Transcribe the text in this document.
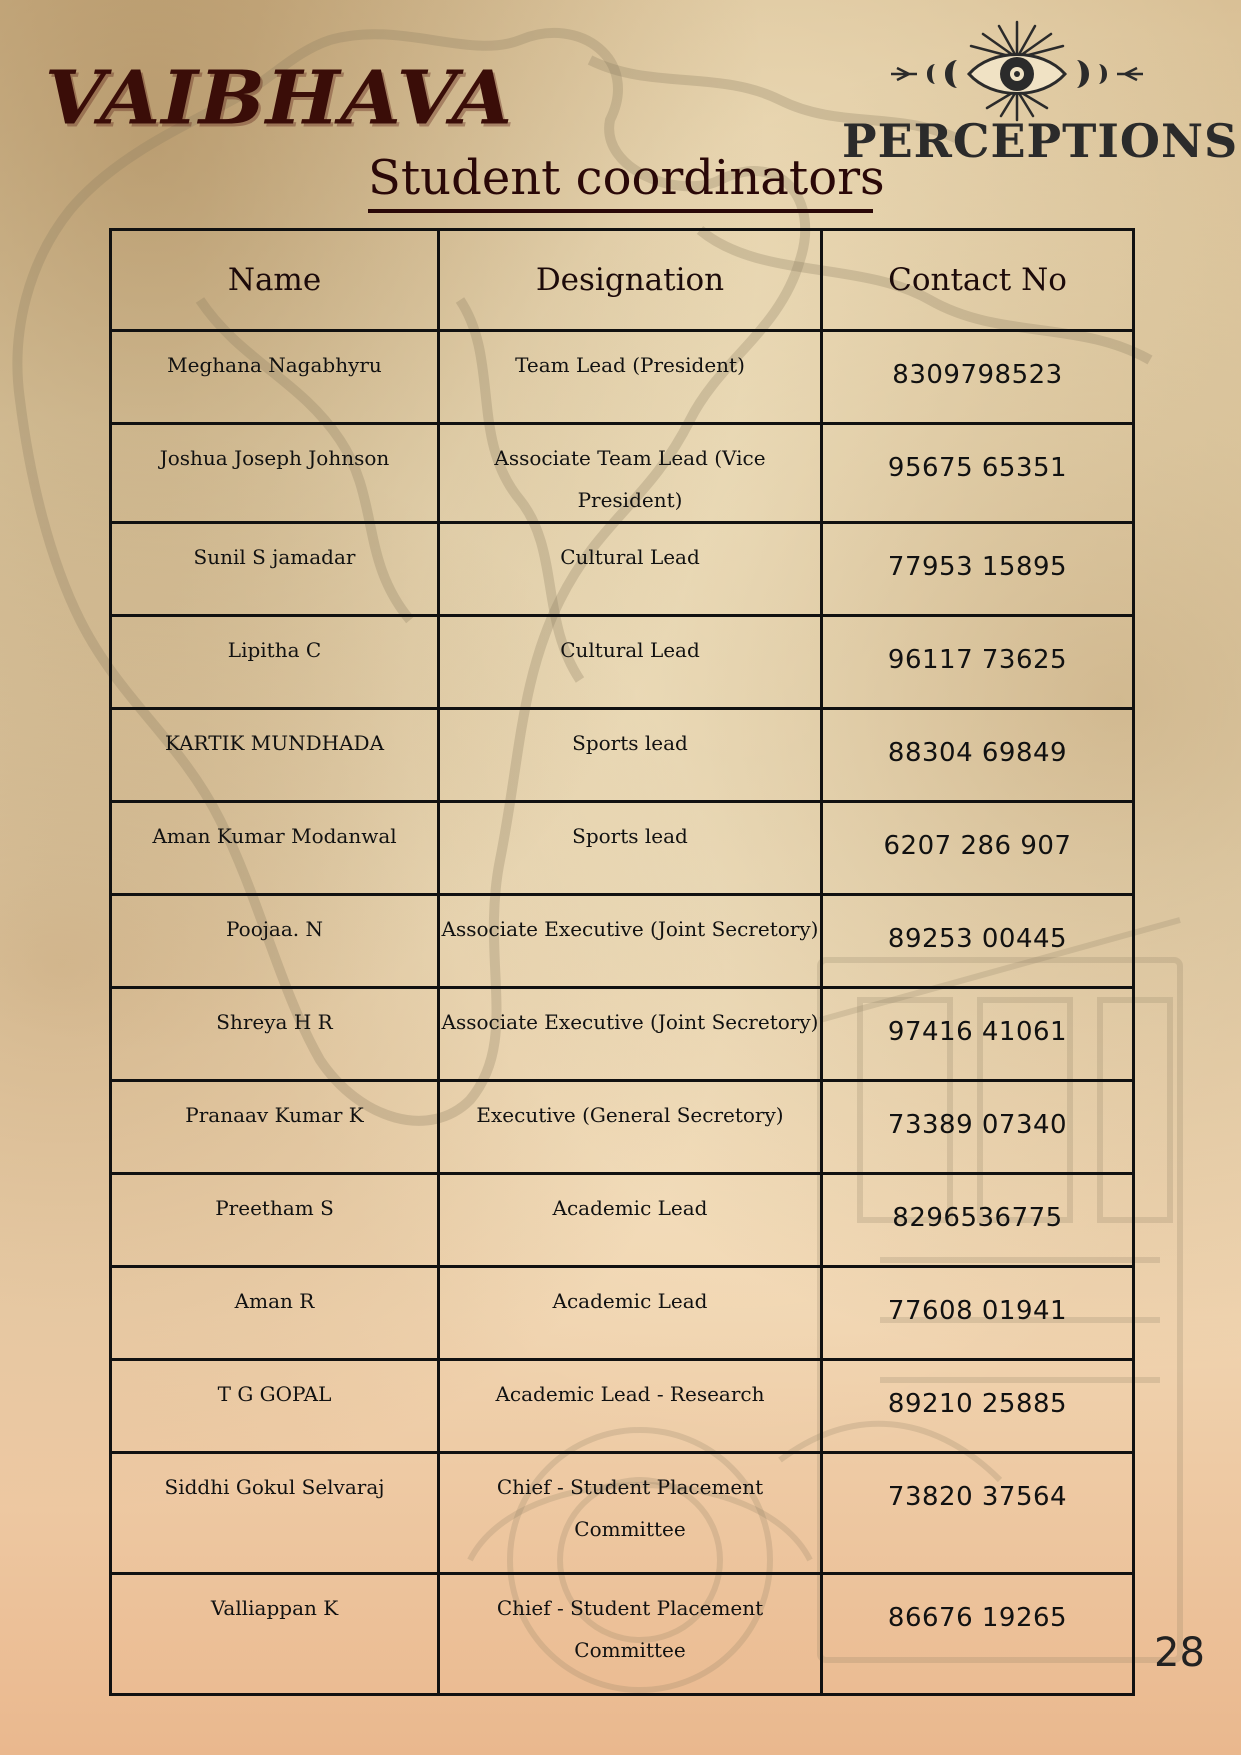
VAIBHAVA	PERCEPTIONS
Student coordinators
Name	Designation	Contact No

Meghana Nagabhyru	Team Lead (President)	8309798523

Joshua Joseph Johnson	Associate Team Lead (Vice President)	95675 65351

Sunil S jamadar	Cultural Lead	77953 15895

Lipitha C	Cultural Lead	96117 73625

KARTIK MUNDHADA	Sports lead	88304 69849

Aman Kumar Modanwal	Sports lead	6207 286 907

Poojaa. N	Associate Executive (Joint Secretory)	89253 00445

Shreya H R	Associate Executive (Joint Secretory)	97416 41061

Pranaav Kumar K	Executive (General Secretory)	73389 07340

Preetham S	Academic Lead	8296536775

Aman R	Academic Lead	77608 01941

T G GOPAL	Academic Lead - Research	89210 25885

Siddhi Gokul Selvaraj	Chief - Student Placement Committee	73820 37564

Valliappan K	Chief - Student Placement Committee	86676 19265
28
